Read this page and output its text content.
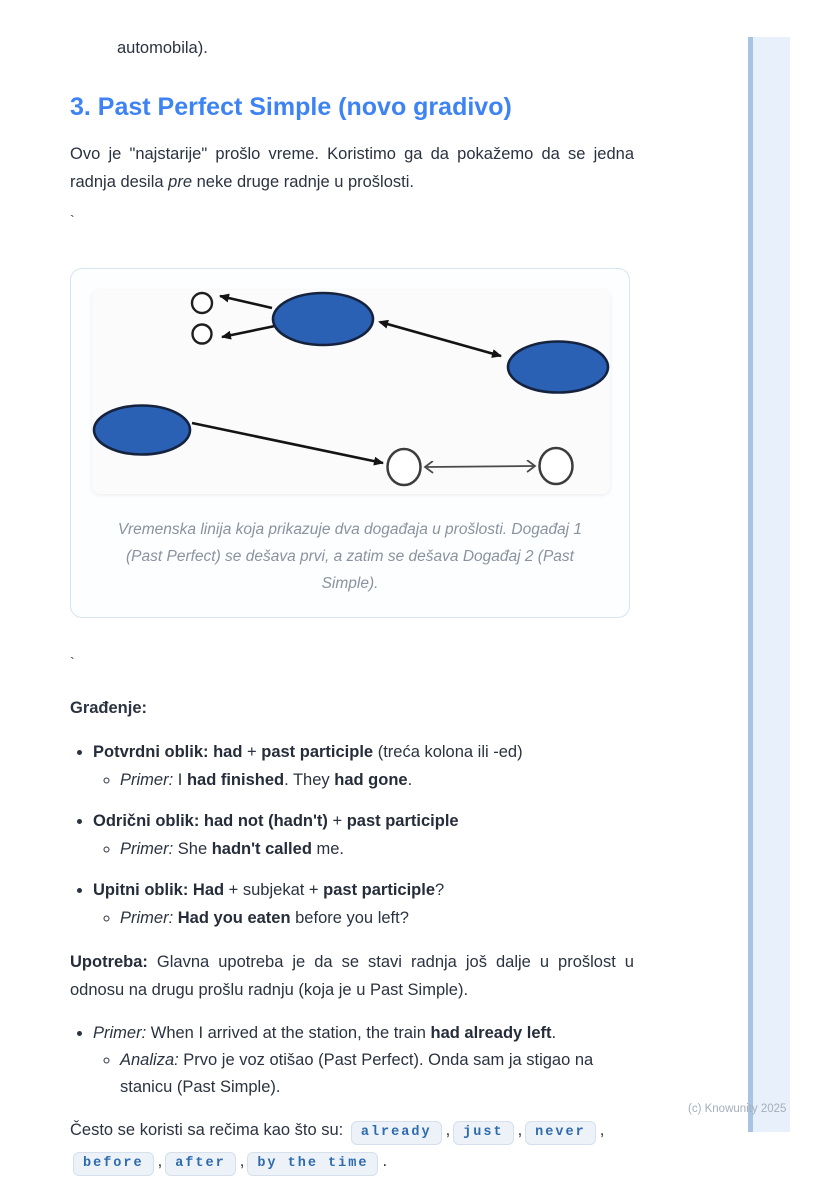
automobila).

3. Past Perfect Simple (novo gradivo)

Ovo je "najstarije" prošlo vreme. Koristimo ga da pokažemo da se jedna radnja desila pre neke druge radnje u prošlosti.

`
Vremenska linija koja prikazuje dva događaja u prošlosti. Događaj 1 (Past Perfect) se dešava prvi, a zatim se dešava Događaj 2 (Past Simple).
`

Građenje:

• Potvrdni oblik: had + past participle (treća kolona ili -ed)
◦ Primer: I had finished. They had gone.
• Odrični oblik: had not (hadn't) + past participle
◦ Primer: She hadn't called me.
• Upitni oblik: Had + subjekat + past participle?
◦ Primer: Had you eaten before you left?

Upotreba: Glavna upotreba je da se stavi radnja još dalje u prošlost u odnosu na drugu prošlu radnju (koja je u Past Simple).

• Primer: When I arrived at the station, the train had already left.
◦ Analiza: Prvo je voz otišao (Past Perfect). Onda sam ja stigao na stanicu (Past Simple).

Često se koristi sa rečima kao što su: already , just , never ,before , after , by the time .

(c) Knowunity 2025
